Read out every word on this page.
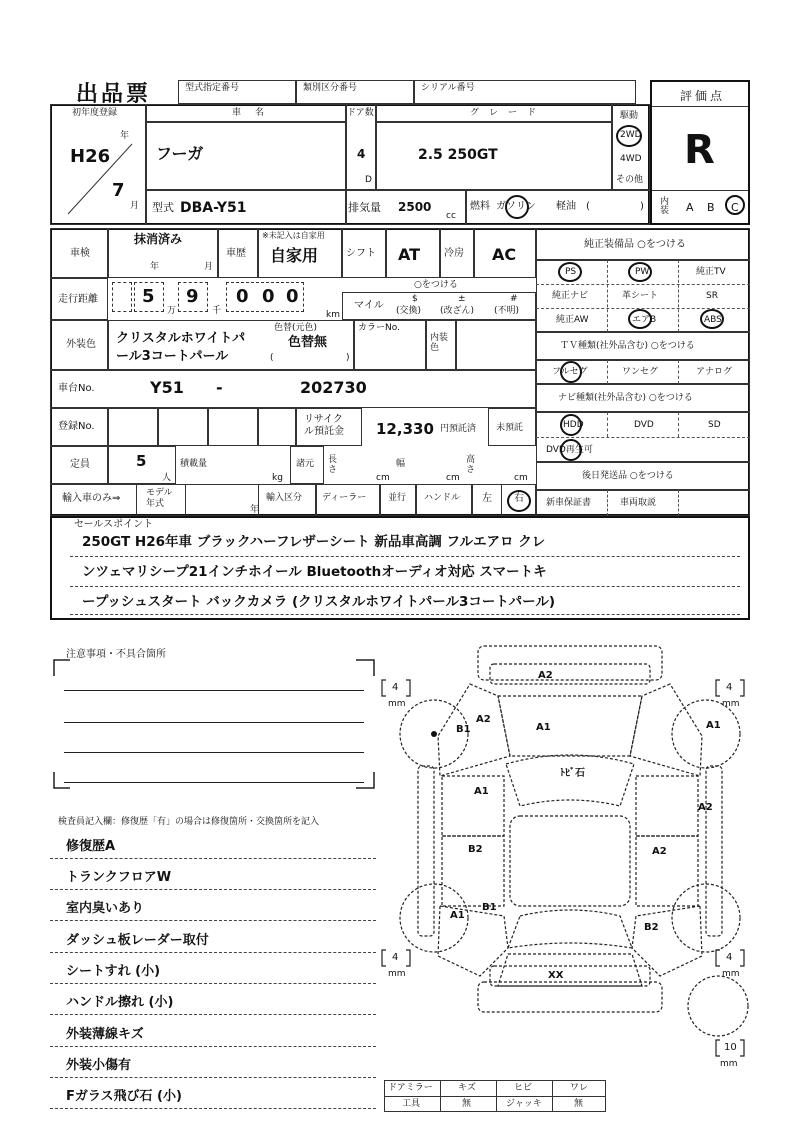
出品票	型式指定番号	類別区分番号	シリアル番号
評価点
R
内装 A B C
初年度登録
年
H26
7
月
車名
フーガ
ドア数
4
D
グレード
2.5 250GT
駆動
2WD
4WD
その他
型式 DBA-Y51	排気量 2500
cc
燃料 ガソリン 軽油 (	)
車検
抹消済み
年	月
車歴
※未記入は自家用
自家用	シフト AT 冷房 AC
走行距離 5
万
9
千
0 0 0
km
○をつける
マイル
$
(交換)
±
(改ざん)
#
(不明)
外装色 クリスタルホワイトパ
ール3コートパール
色替(元色)
色替無
(	)
カラーNo.
内装色
車台No.	Y51 -	202730
登録No.
リサイクル預託金	12,330 円預託済 未預託
定員	5
人
積載量
kg
諸元 長さ
cm
幅
cm
高さ
cm
輸入車のみ⇒	モデル年式
年
輸入区分 ディーラー 並行 ハンドル 左 右
純正装備品 ○をつける
PS	PW	純正TV
純正ナビ	革シート	SR
純正AW	エアB	ABS
ＴＶ種類(社外品含む) ○をつける
フルセグ	ワンセグ	アナログ
ナビ種類(社外品含む) ○をつける
HDD	DVD	SD
DVD再生可
後日発送品 ○をつける
新車保証書	車両取説
セールスポイント
250GT H26年車 ブラックハーフレザーシート 新品車高調 フルエアロ クレ
ンツェマリシープ21インチホイール Bluetoothオーディオ対応 スマートキ
ープッシュスタート バックカメラ (クリスタルホワイトパール3コートパール)
注意事項・不具合箇所
検査員記入欄：修復歴「有」の場合は修復箇所・交換箇所を記入
修復歴A
トランクフロアW
室内臭いあり
ダッシュ板レーダー取付
シートすれ (小)
ハンドル擦れ (小)
外装薄線キズ
外装小傷有
Fガラス飛び石 (小)
A2
A2
B1	A1	A1
ﾄﾋﾞ石
A1
A2
B2	A2
A1
B1
B2
XX
4
mm
4
mm
4
mm
4
mm
10
mm
ドアミラー	キズ	ヒビ	ワレ
工具	無	ジャッキ	無
